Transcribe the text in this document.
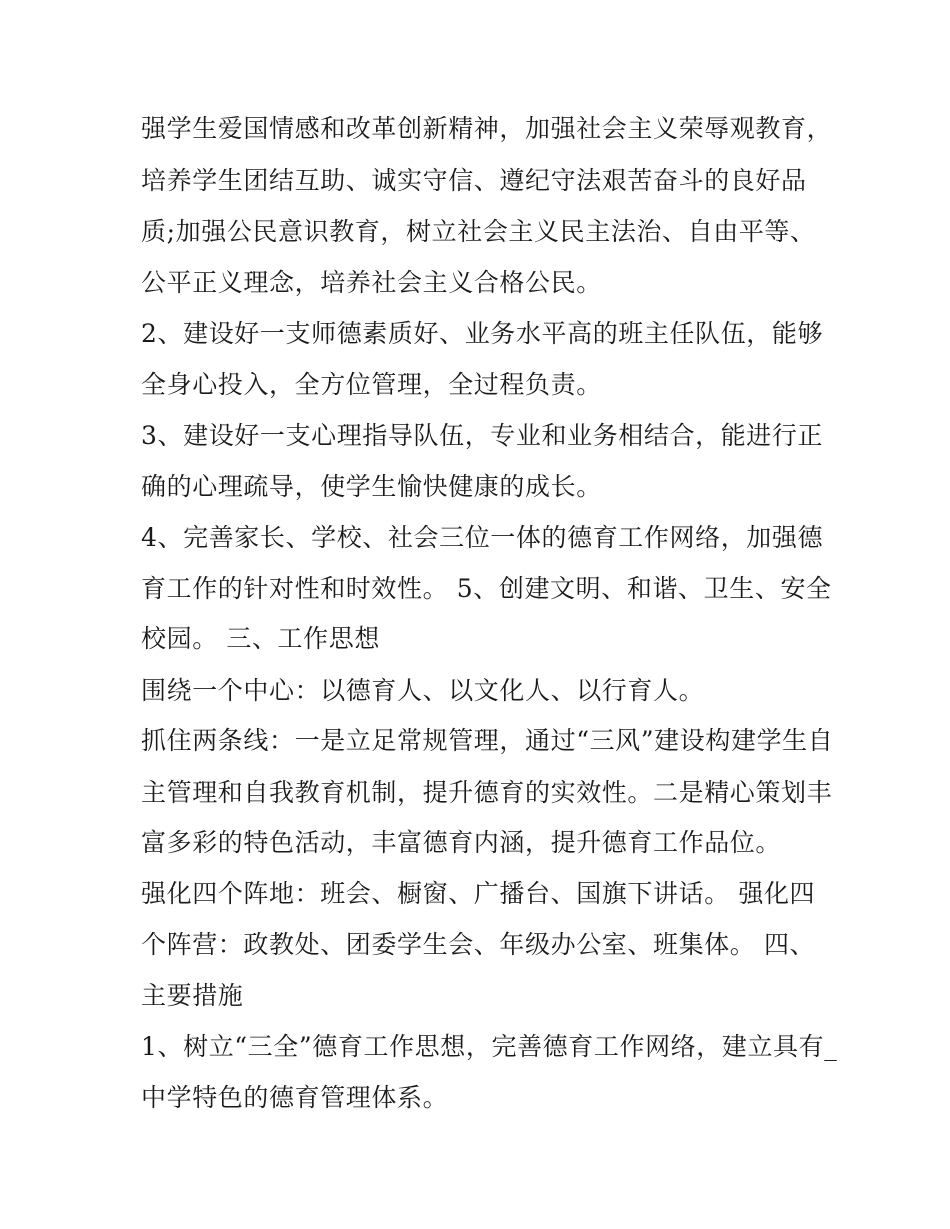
强学生爱国情感和改革创新精神，加强社会主义荣辱观教育，
培养学生团结互助、诚实守信、遵纪守法艰苦奋斗的良好品
质;加强公民意识教育，树立社会主义民主法治、自由平等、
公平正义理念，培养社会主义合格公民。
2、建设好一支师德素质好、业务水平高的班主任队伍，能够
全身心投入，全方位管理，全过程负责。
3、建设好一支心理指导队伍，专业和业务相结合，能进行正
确的心理疏导，使学生愉快健康的成长。
4、完善家长、学校、社会三位一体的德育工作网络，加强德
育工作的针对性和时效性。 5、创建文明、和谐、卫生、安全
校园。 三、工作思想
围绕一个中心：以德育人、以文化人、以行育人。
抓住两条线：一是立足常规管理，通过“三风”建设构建学生自
主管理和自我教育机制，提升德育的实效性。二是精心策划丰
富多彩的特色活动，丰富德育内涵，提升德育工作品位。
强化四个阵地：班会、橱窗、广播台、国旗下讲话。 强化四
个阵营：政教处、团委学生会、年级办公室、班集体。 四、
主要措施
1、树立“三全”德育工作思想，完善德育工作网络，建立具有_
中学特色的德育管理体系。
